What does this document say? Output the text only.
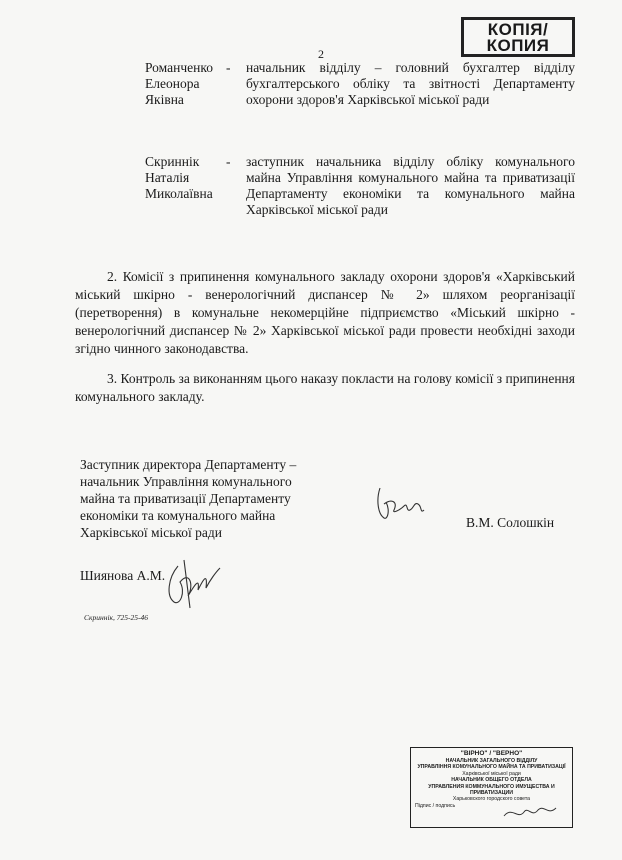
КОПІЯ/
КОПИЯ
2
Романченко
Елеонора
Яківна
- начальник відділу – головний бухгалтер відділу бухгалтерського обліку та звітності Департаменту охорони здоров'я Харківської міської ради
Скриннік
Наталія
Миколаївна
- заступник начальника відділу обліку комунального майна Управління комунального майна та приватизації Департаменту економіки та комунального майна Харківської міської ради

2. Комісії з припинення комунального закладу охорони здоров'я «Харківський міський шкірно - венерологічний диспансер № 2» шляхом реорганізації (перетворення) в комунальне некомерційне підприємство «Міський шкірно - венерологічний диспансер № 2» Харківської міської ради провести необхідні заходи згідно чинного законодавства.

3. Контроль за виконанням цього наказу покласти на голову комісії з припинення комунального закладу.

Заступник директора Департаменту –
начальник Управління комунального
майна та приватизації Департаменту
економіки та комунального майна
Харківської міської ради
В.М. Солошкін
Шиянова А.М.
Скриннік, 725-25-46
"ВІРНО" / "ВЕРНО"
НАЧАЛЬНИК ЗАГАЛЬНОГО ВІДДІЛУ
УПРАВЛІННЯ КОМУНАЛЬНОГО МАЙНА ТА ПРИВАТИЗАЦІЇ
Харківської міської ради
НАЧАЛЬНИК ОБЩЕГО ОТДЕЛА
УПРАВЛЕНИЯ КОММУНАЛЬНОГО ИМУЩЕСТВА И ПРИВАТИЗАЦИИ
Харьковского городского совета
Підпис / подпись
